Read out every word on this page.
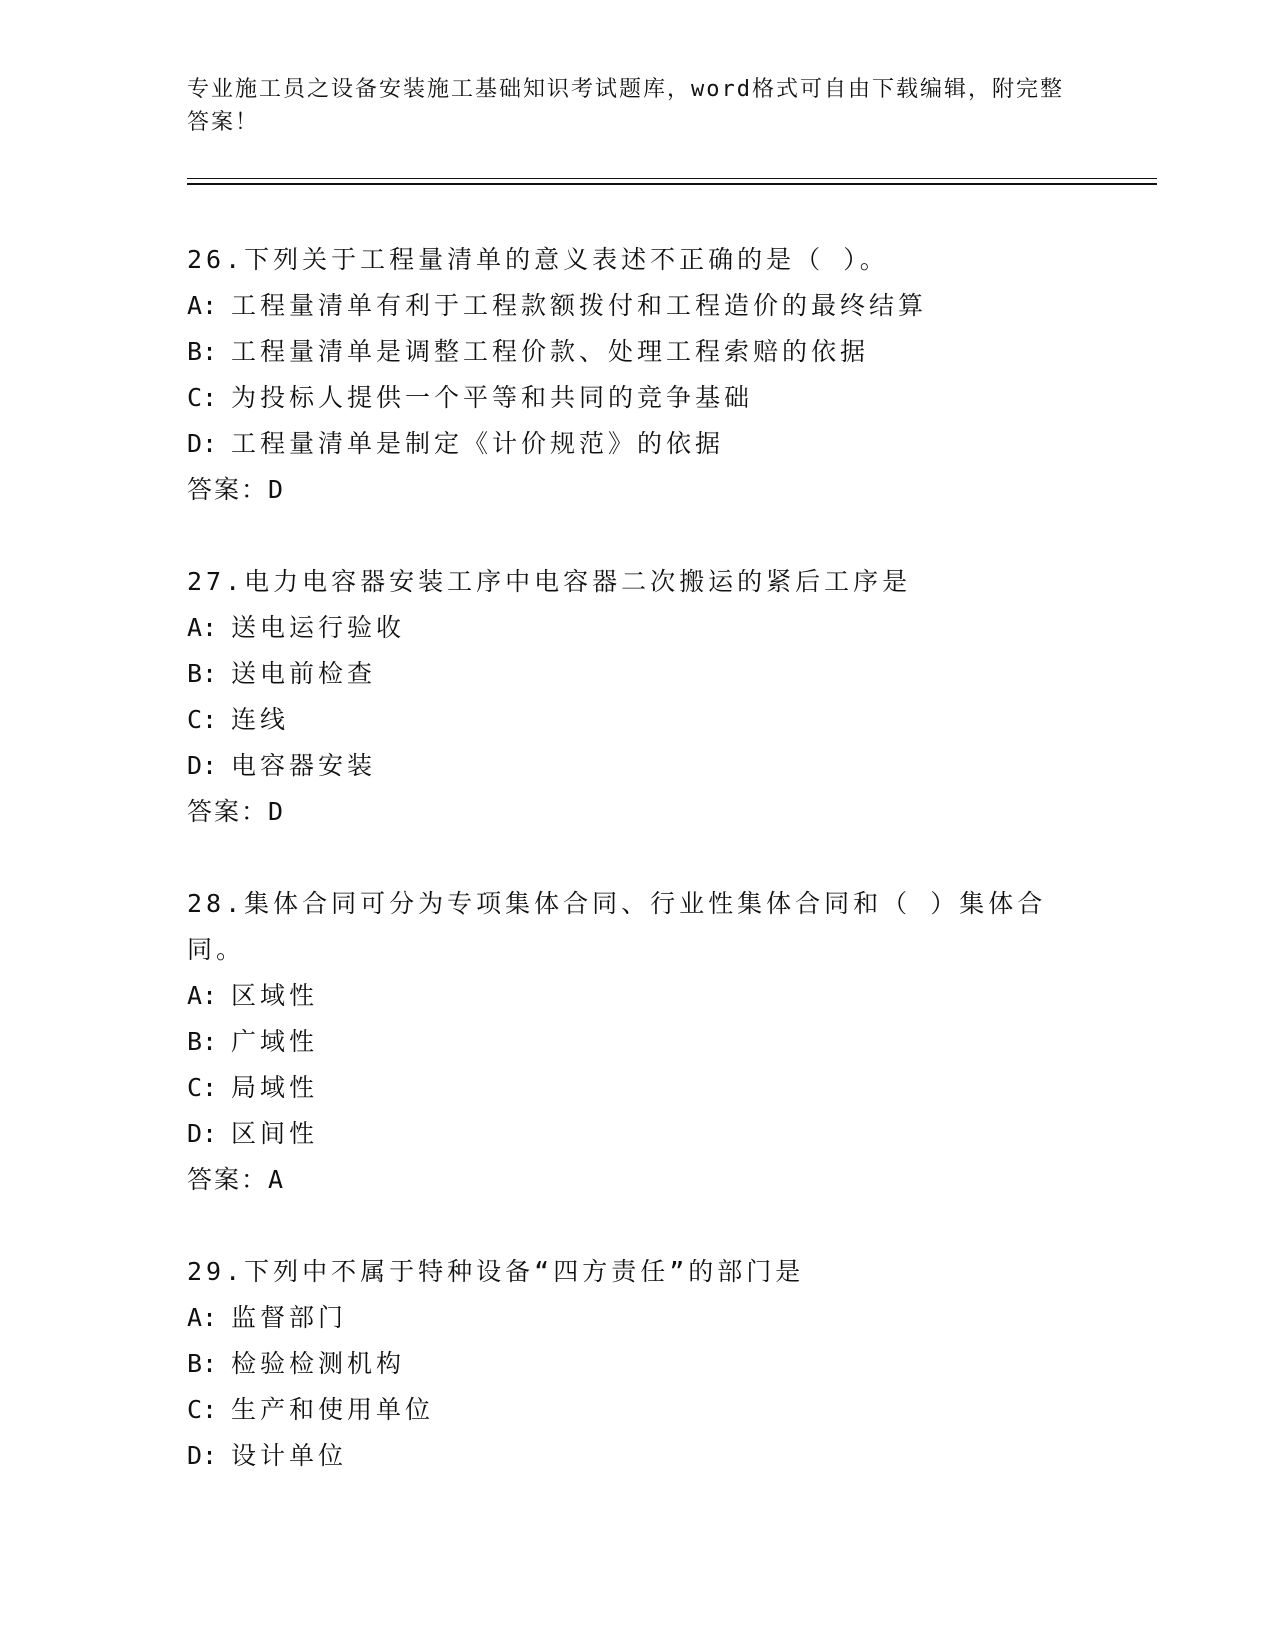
专业施工员之设备安装施工基础知识考试题库，word格式可自由下载编辑，附完整答案！
26.下列关于工程量清单的意义表述不正确的是（ ）。
A: 工程量清单有利于工程款额拨付和工程造价的最终结算
B: 工程量清单是调整工程价款、处理工程索赔的依据
C: 为投标人提供一个平等和共同的竞争基础
D: 工程量清单是制定《计价规范》的依据
答案：D
27.电力电容器安装工序中电容器二次搬运的紧后工序是
A: 送电运行验收
B: 送电前检查
C: 连线
D: 电容器安装
答案：D
28.集体合同可分为专项集体合同、行业性集体合同和（ ）集体合同。
A: 区域性
B: 广域性
C: 局域性
D: 区间性
答案：A
29.下列中不属于特种设备“四方责任”的部门是
A: 监督部门
B: 检验检测机构
C: 生产和使用单位
D: 设计单位
